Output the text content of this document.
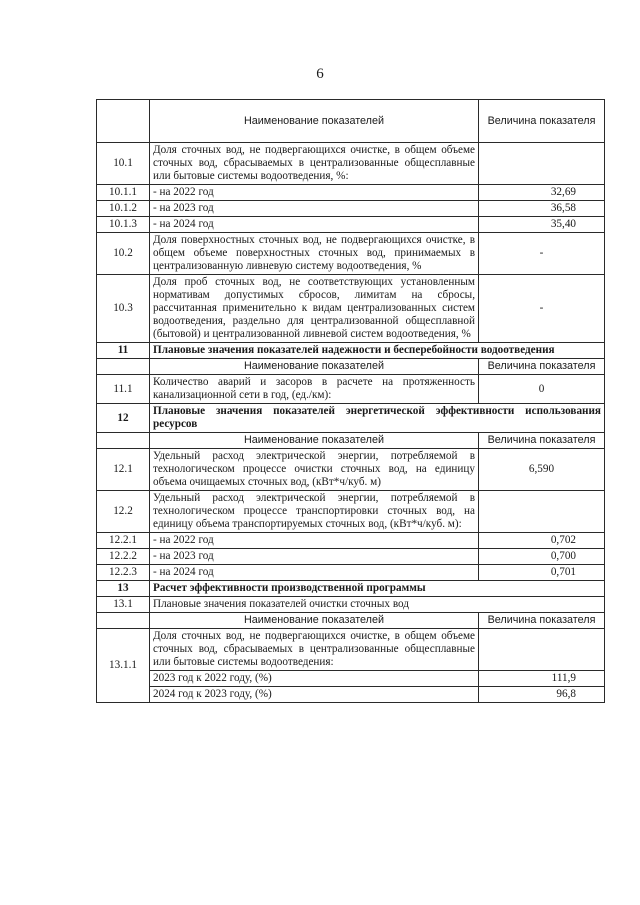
6
	Наименование показателей	Величина показателя
10.1	Доля сточных вод, не подвергающихся очистке, в общем объеме сточных вод, сбрасываемых в централизованные общесплавные или бытовые системы водоотведения, %:	
10.1.1	- на 2022 год	32,69
10.1.2	- на 2023 год	36,58
10.1.3	- на 2024 год	35,40
10.2	Доля поверхностных сточных вод, не подвергающихся очистке, в общем объеме поверхностных сточных вод, принимаемых в централизованную ливневую систему водоотведения, %	-
10.3	Доля проб сточных вод, не соответствующих установленным нормативам допустимых сбросов, лимитам на сбросы, рассчитанная применительно к видам централизованных систем водоотведения, раздельно для централизованной общесплавной (бытовой) и централизованной ливневой систем водоотведения, %	-
11	Плановые значения показателей надежности и бесперебойности водоотведения	
	Наименование показателей	Величина показателя
11.1	Количество аварий и засоров в расчете на протяженность канализационной сети в год, (ед./км):	0
12	Плановые значения показателей энергетической эффективности использования ресурсов	
	Наименование показателей	Величина показателя
12.1	Удельный расход электрической энергии, потребляемой в технологическом процессе очистки сточных вод, на единицу объема очищаемых сточных вод, (кВт*ч/куб. м)	6,590
12.2	Удельный расход электрической энергии, потребляемой в технологическом процессе транспортировки сточных вод, на единицу объема транспортируемых сточных вод, (кВт*ч/куб. м):	
12.2.1	- на 2022 год	0,702
12.2.2	- на 2023 год	0,700
12.2.3	- на 2024 год	0,701
13	Расчет эффективности производственной программы	
13.1	Плановые значения показателей очистки сточных вод	
	Наименование показателей	Величина показателя
13.1.1	Доля сточных вод, не подвергающихся очистке, в общем объеме сточных вод, сбрасываемых в централизованные общесплавные или бытовые системы водоотведения:	
	2023 год к 2022 году, (%)	111,9
	2024 год к 2023 году, (%)	96,8
